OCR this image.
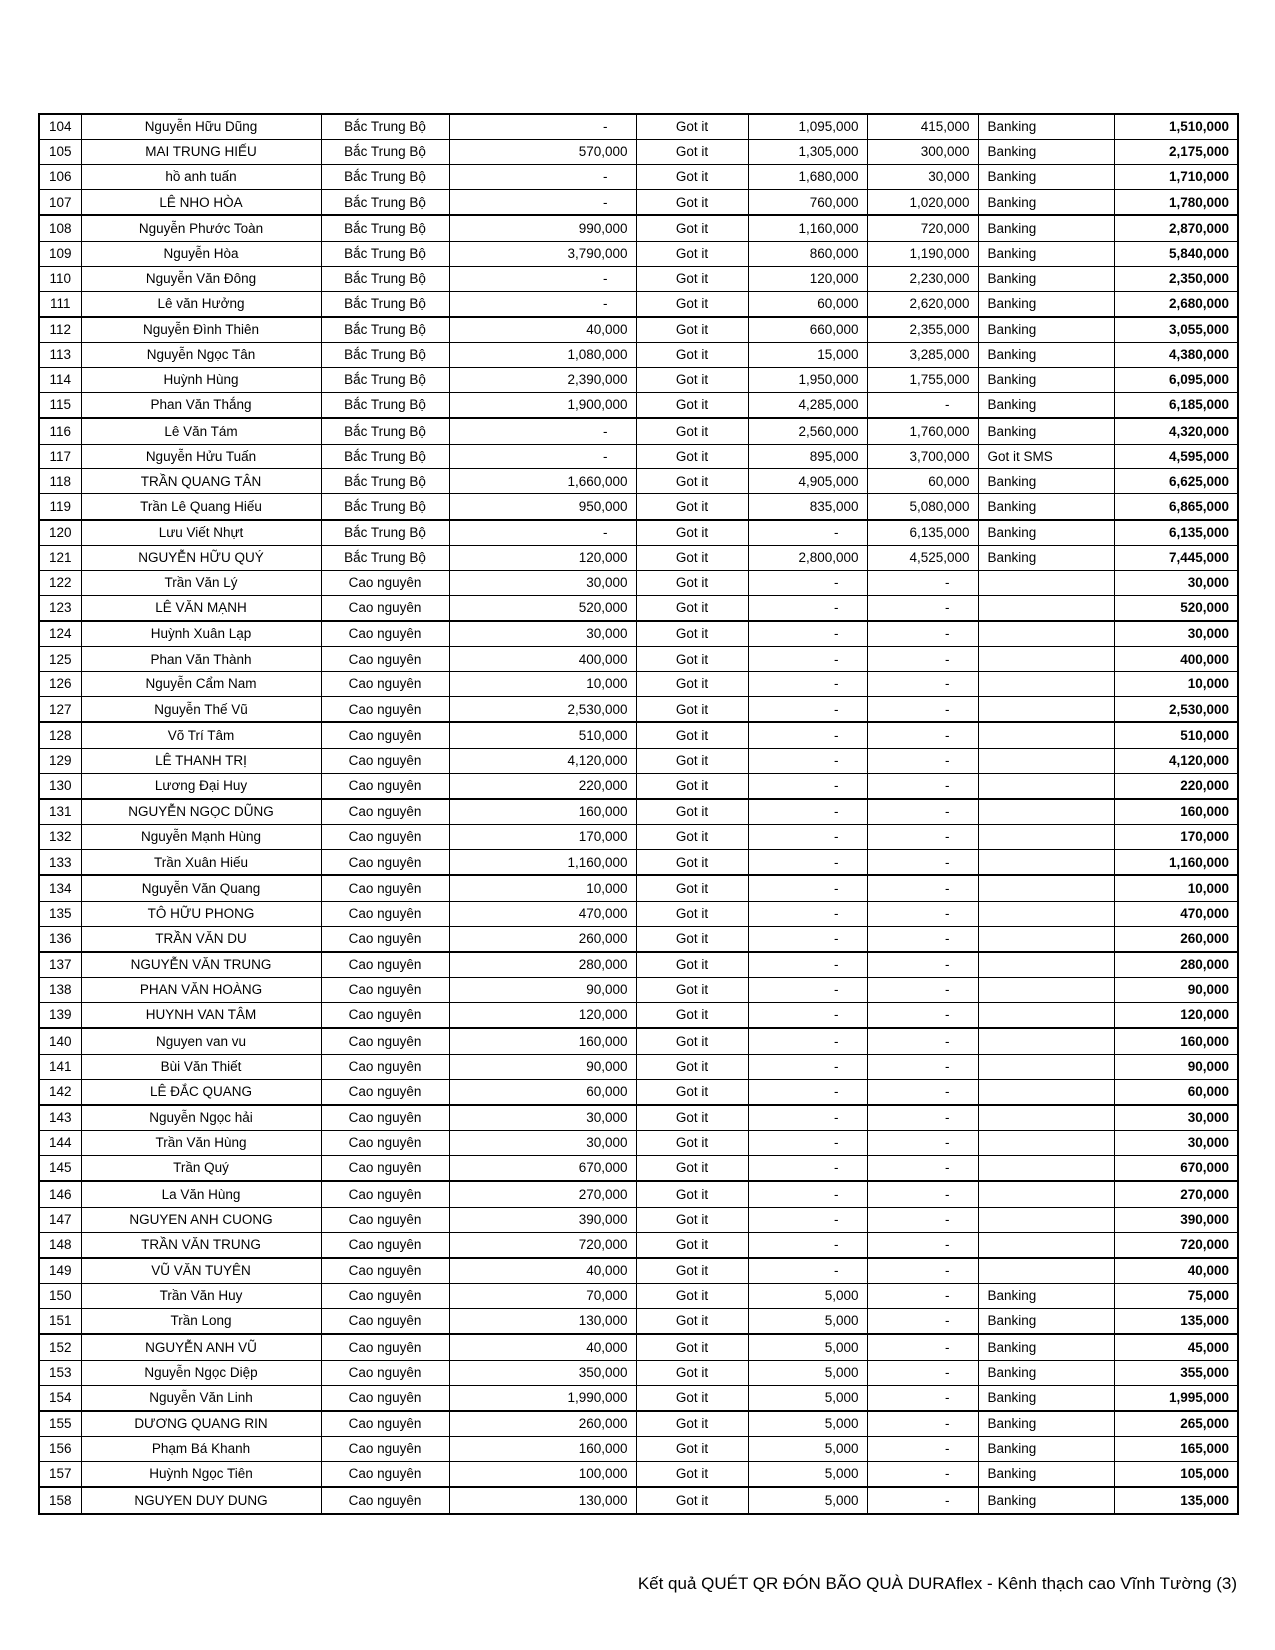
104	Nguyễn Hữu Dũng	Bắc Trung Bộ	-	Got it	1,095,000	415,000	Banking	1,510,000
105	MAI TRUNG HIẾU	Bắc Trung Bộ	570,000	Got it	1,305,000	300,000	Banking	2,175,000
106	hồ anh tuấn	Bắc Trung Bộ	-	Got it	1,680,000	30,000	Banking	1,710,000
107	LÊ NHO HÒA	Bắc Trung Bộ	-	Got it	760,000	1,020,000	Banking	1,780,000
108	Nguyễn Phước Toàn	Bắc Trung Bộ	990,000	Got it	1,160,000	720,000	Banking	2,870,000
109	Nguyễn Hòa	Bắc Trung Bộ	3,790,000	Got it	860,000	1,190,000	Banking	5,840,000
110	Nguyễn Văn Đông	Bắc Trung Bộ	-	Got it	120,000	2,230,000	Banking	2,350,000
111	Lê văn Hưởng	Bắc Trung Bộ	-	Got it	60,000	2,620,000	Banking	2,680,000
112	Nguyễn Đình Thiên	Bắc Trung Bộ	40,000	Got it	660,000	2,355,000	Banking	3,055,000
113	Nguyễn Ngọc Tân	Bắc Trung Bộ	1,080,000	Got it	15,000	3,285,000	Banking	4,380,000
114	Huỳnh Hùng	Bắc Trung Bộ	2,390,000	Got it	1,950,000	1,755,000	Banking	6,095,000
115	Phan Văn Thắng	Bắc Trung Bộ	1,900,000	Got it	4,285,000	-	Banking	6,185,000
116	Lê Văn Tám	Bắc Trung Bộ	-	Got it	2,560,000	1,760,000	Banking	4,320,000
117	Nguyễn Hửu Tuấn	Bắc Trung Bộ	-	Got it	895,000	3,700,000	Got it SMS	4,595,000
118	TRẦN QUANG TÂN	Bắc Trung Bộ	1,660,000	Got it	4,905,000	60,000	Banking	6,625,000
119	Trần Lê Quang Hiếu	Bắc Trung Bộ	950,000	Got it	835,000	5,080,000	Banking	6,865,000
120	Lưu Viết Nhựt	Bắc Trung Bộ	-	Got it	-	6,135,000	Banking	6,135,000
121	NGUYỄN HỮU QUÝ	Bắc Trung Bộ	120,000	Got it	2,800,000	4,525,000	Banking	7,445,000
122	Trần Văn Lý	Cao nguyên	30,000	Got it	-	-		30,000
123	LÊ VĂN MẠNH	Cao nguyên	520,000	Got it	-	-		520,000
124	Huỳnh Xuân Lạp	Cao nguyên	30,000	Got it	-	-		30,000
125	Phan Văn Thành	Cao nguyên	400,000	Got it	-	-		400,000
126	Nguyễn Cẩm Nam	Cao nguyên	10,000	Got it	-	-		10,000
127	Nguyễn Thế Vũ	Cao nguyên	2,530,000	Got it	-	-		2,530,000
128	Võ Trí Tâm	Cao nguyên	510,000	Got it	-	-		510,000
129	LÊ THANH TRỊ	Cao nguyên	4,120,000	Got it	-	-		4,120,000
130	Lương Đại Huy	Cao nguyên	220,000	Got it	-	-		220,000
131	NGUYỄN NGỌC DŨNG	Cao nguyên	160,000	Got it	-	-		160,000
132	Nguyễn Mạnh Hùng	Cao nguyên	170,000	Got it	-	-		170,000
133	Trần Xuân Hiếu	Cao nguyên	1,160,000	Got it	-	-		1,160,000
134	Nguyễn Văn Quang	Cao nguyên	10,000	Got it	-	-		10,000
135	TÔ HỮU PHONG	Cao nguyên	470,000	Got it	-	-		470,000
136	TRẦN VĂN DU	Cao nguyên	260,000	Got it	-	-		260,000
137	NGUYỄN VĂN TRUNG	Cao nguyên	280,000	Got it	-	-		280,000
138	PHAN VĂN HOÀNG	Cao nguyên	90,000	Got it	-	-		90,000
139	HUYNH VAN TÂM	Cao nguyên	120,000	Got it	-	-		120,000
140	Nguyen van vu	Cao nguyên	160,000	Got it	-	-		160,000
141	Bùi Văn Thiết	Cao nguyên	90,000	Got it	-	-		90,000
142	LÊ ĐẮC QUANG	Cao nguyên	60,000	Got it	-	-		60,000
143	Nguyễn Ngọc hải	Cao nguyên	30,000	Got it	-	-		30,000
144	Trần Văn Hùng	Cao nguyên	30,000	Got it	-	-		30,000
145	Trần Quý	Cao nguyên	670,000	Got it	-	-		670,000
146	La Văn Hùng	Cao nguyên	270,000	Got it	-	-		270,000
147	NGUYEN ANH CUONG	Cao nguyên	390,000	Got it	-	-		390,000
148	TRẦN VĂN TRUNG	Cao nguyên	720,000	Got it	-	-		720,000
149	VŨ VĂN TUYÊN	Cao nguyên	40,000	Got it	-	-		40,000
150	Trần Văn Huy	Cao nguyên	70,000	Got it	5,000	-	Banking	75,000
151	Trần Long	Cao nguyên	130,000	Got it	5,000	-	Banking	135,000
152	NGUYỄN ANH VŨ	Cao nguyên	40,000	Got it	5,000	-	Banking	45,000
153	Nguyễn Ngọc Diệp	Cao nguyên	350,000	Got it	5,000	-	Banking	355,000
154	Nguyễn Văn Linh	Cao nguyên	1,990,000	Got it	5,000	-	Banking	1,995,000
155	DƯƠNG QUANG RIN	Cao nguyên	260,000	Got it	5,000	-	Banking	265,000
156	Phạm Bá Khanh	Cao nguyên	160,000	Got it	5,000	-	Banking	165,000
157	Huỳnh Ngọc Tiên	Cao nguyên	100,000	Got it	5,000	-	Banking	105,000
158	NGUYEN DUY DUNG	Cao nguyên	130,000	Got it	5,000	-	Banking	135,000
Kết quả QUÉT QR ĐÓN BÃO QUÀ DURAflex - Kênh thạch cao Vĩnh Tường (3)
